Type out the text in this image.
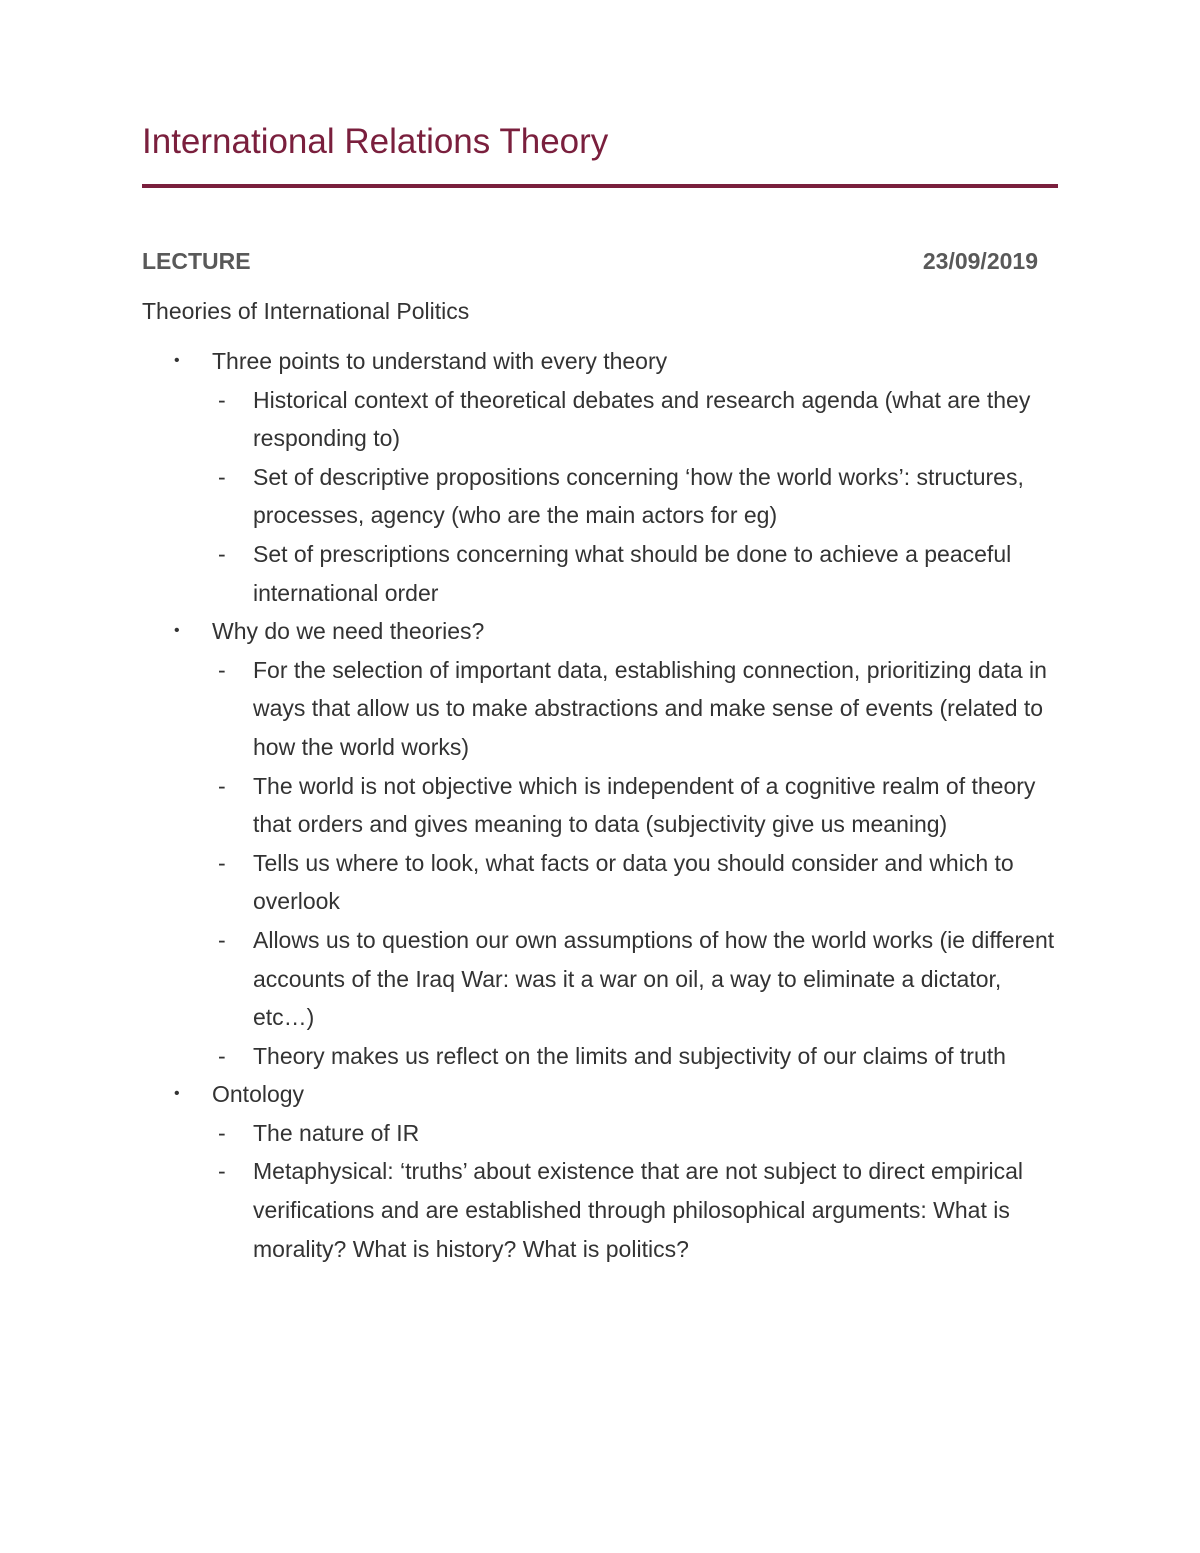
International Relations Theory
LECTURE	23/09/2019
Theories of International Politics
•	Three points to understand with every theory
-	Historical context of theoretical debates and research agenda (what are they responding to)
-	Set of descriptive propositions concerning ‘how the world works’: structures, processes, agency (who are the main actors for eg)
-	Set of prescriptions concerning what should be done to achieve a peaceful international order
•	Why do we need theories?
-	For the selection of important data, establishing connection, prioritizing data in ways that allow us to make abstractions and make sense of events (related to how the world works)
-	The world is not objective which is independent of a cognitive realm of theory that orders and gives meaning to data (subjectivity give us meaning)
-	Tells us where to look, what facts or data you should consider and which to overlook
-	Allows us to question our own assumptions of how the world works (ie different accounts of the Iraq War: was it a war on oil, a way to eliminate a dictator, etc…)
-	Theory makes us reflect on the limits and subjectivity of our claims of truth
•	Ontology
-	The nature of IR
-	Metaphysical: ‘truths’ about existence that are not subject to direct empirical verifications and are established through philosophical arguments: What is morality? What is history? What is politics?
